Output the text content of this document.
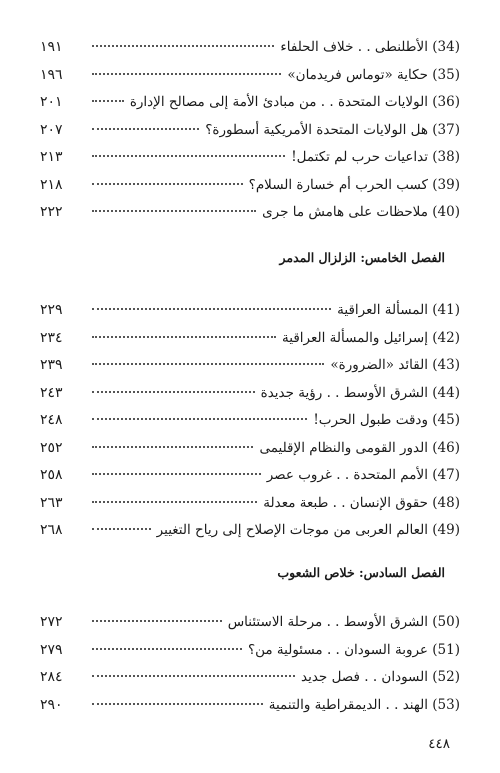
١٩١	(34) الأطلنطى . . خلاف الحلفاء
١٩٦	(35) حكاية «توماس فريدمان»
٢٠١	(36) الولايات المتحدة . . من مبادئ الأمة إلى مصالح الإدارة
٢٠٧	(37) هل الولايات المتحدة الأمريكية أسطورة؟
٢١٣	(38) تداعيات حرب لم تكتمل!
٢١٨	(39) كسب الحرب أم خسارة السلام؟
٢٢٢	(40) ملاحظات على هامش ما جرى
الفصل الخامس: الزلزال المدمر
٢٢٩	(41) المسألة العراقية
٢٣٤	(42) إسرائيل والمسألة العراقية
٢٣٩	(43) القائد «الضرورة»
٢٤٣	(44) الشرق الأوسط . . رؤية جديدة
٢٤٨	(45) ودقت طبول الحرب!
٢٥٢	(46) الدور القومى والنظام الإقليمى
٢٥٨	(47) الأمم المتحدة . . غروب عصر
٢٦٣	(48) حقوق الإنسان . . طبعة معدلة
٢٦٨	(49) العالم العربى من موجات الإصلاح إلى رياح التغيير
الفصل السادس: خلاص الشعوب
٢٧٢	(50) الشرق الأوسط . . مرحلة الاستئناس
٢٧٩	(51) عروبة السودان . . مسئولية من؟
٢٨٤	(52) السودان . . فصل جديد
٢٩٠	(53) الهند . . الديمقراطية والتنمية
٤٤٨
